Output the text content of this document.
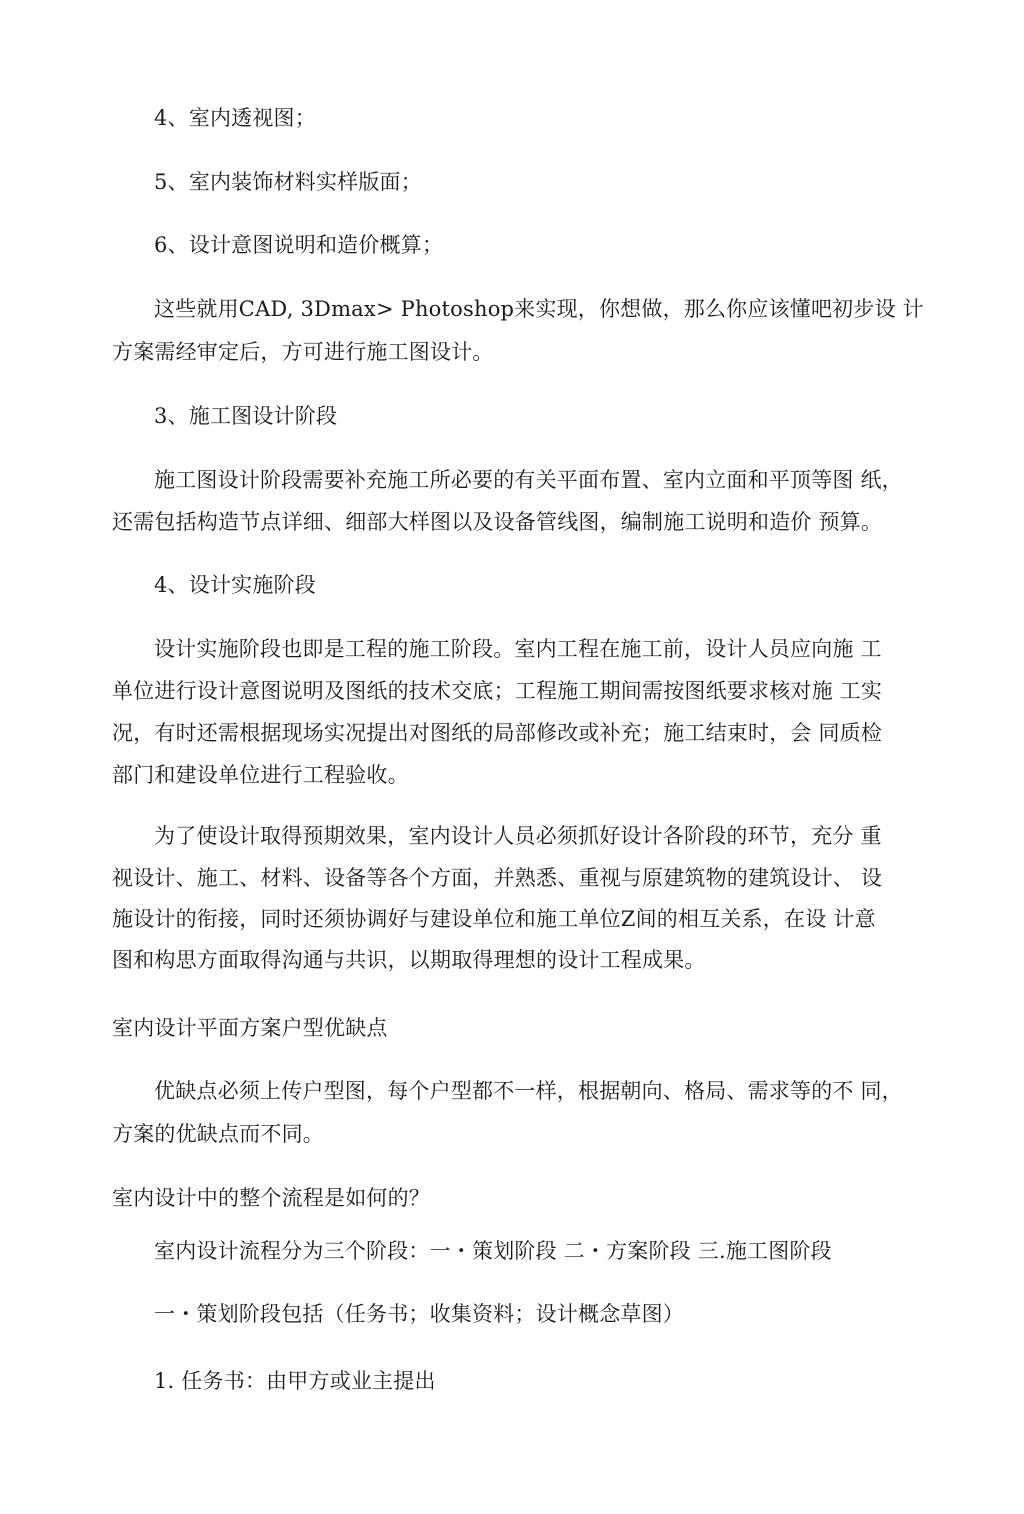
4、室内透视图；
5、室内装饰材料实样版面；
6、设计意图说明和造价概算；
这些就用CAD, 3Dmax> Photoshop来实现，你想做，那么你应该懂吧初步设 计
方案需经审定后，方可进行施工图设计。
3、施工图设计阶段
施工图设计阶段需要补充施工所必要的有关平面布置、室内立面和平顶等图 纸，
还需包括构造节点详细、细部大样图以及设备管线图，编制施工说明和造价 预算。
4、设计实施阶段
设计实施阶段也即是工程的施工阶段。室内工程在施工前，设计人员应向施 工
单位进行设计意图说明及图纸的技术交底；工程施工期间需按图纸要求核对施 工实
况，有时还需根据现场实况提出对图纸的局部修改或补充；施工结束时，会 同质检
部门和建设单位进行工程验收。
为了使设计取得预期效果，室内设计人员必须抓好设计各阶段的环节，充分 重
视设计、施工、材料、设备等各个方面，并熟悉、重视与原建筑物的建筑设计、 设
施设计的衔接，同时还须协调好与建设单位和施工单位Z间的相互关系，在设 计意
图和构思方面取得沟通与共识，以期取得理想的设计工程成果。
室内设计平面方案户型优缺点
优缺点必须上传户型图，每个户型都不一样，根据朝向、格局、需求等的不 同，
方案的优缺点而不同。
室内设计中的整个流程是如何的？
室内设计流程分为三个阶段：一・策划阶段 二・方案阶段 三.施工图阶段
一・策划阶段包括（任务书；收集资料；设计概念草图）
1. 任务书：由甲方或业主提出
